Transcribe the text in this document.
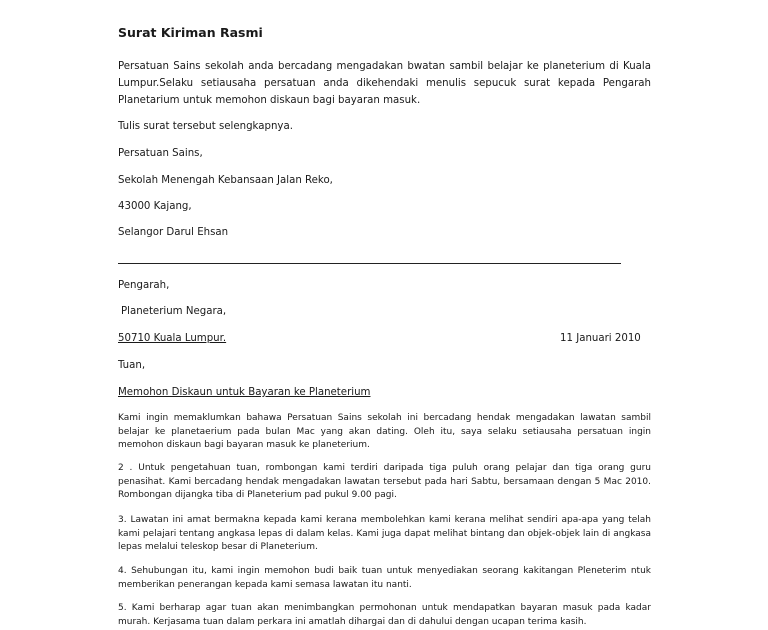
Surat Kiriman Rasmi
Persatuan Sains sekolah anda bercadang mengadakan bwatan sambil belajar ke planeterium di Kuala Lumpur.Selaku setiausaha persatuan anda dikehendaki menulis sepucuk surat kepada Pengarah Planetarium untuk memohon diskaun bagi bayaran masuk.
Tulis surat tersebut selengkapnya.
Persatuan Sains,
Sekolah Menengah Kebansaan Jalan Reko,
43000 Kajang,
Selangor Darul Ehsan
Pengarah,
Planeterium Negara,
50710 Kuala Lumpur.	11 Januari 2010
Tuan,
Memohon Diskaun untuk Bayaran ke Planeterium
Kami ingin memaklumkan bahawa Persatuan Sains sekolah ini bercadang hendak mengadakan lawatan sambil belajar ke planetaerium pada bulan Mac yang akan dating. Oleh itu, saya selaku setiausaha persatuan ingin memohon diskaun bagi bayaran masuk ke planeterium.
2 . Untuk pengetahuan tuan, rombongan kami terdiri daripada tiga puluh orang pelajar dan tiga orang guru penasihat. Kami bercadang hendak mengadakan lawatan tersebut pada hari Sabtu, bersamaan dengan 5 Mac 2010. Rombongan dijangka tiba di Planeterium pad pukul 9.00 pagi.
3. Lawatan ini amat bermakna kepada kami kerana membolehkan kami kerana melihat sendiri apa-apa yang telah kami pelajari tentang angkasa lepas di dalam kelas. Kami juga dapat melihat bintang dan objek-objek lain di angkasa lepas melalui teleskop besar di Planeterium.
4. Sehubungan itu, kami ingin memohon budi baik tuan untuk menyediakan seorang kakitangan Pleneterim ntuk memberikan penerangan kepada kami semasa lawatan itu nanti.
5. Kami berharap agar tuan akan menimbangkan permohonan untuk mendapatkan bayaran masuk pada kadar murah. Kerjasama tuan dalam perkara ini amatlah dihargai dan di dahului dengan ucapan terima kasih.
